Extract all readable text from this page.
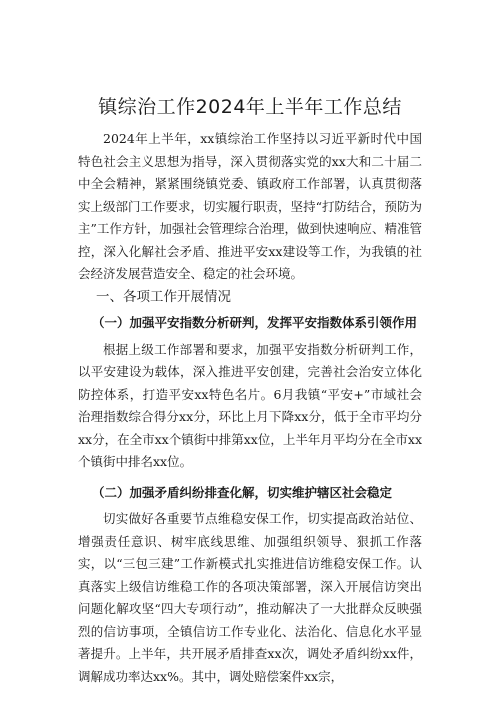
镇综治工作2024年上半年工作总结

2024年上半年，xx镇综治工作坚持以习近平新时代中国特色社会主义思想为指导，深入贯彻落实党的xx大和二十届二中全会精神，紧紧围绕镇党委、镇政府工作部署，认真贯彻落实上级部门工作要求，切实履行职责，坚持“打防结合，预防为主”工作方针，加强社会管理综合治理，做到快速响应、精准管控，深入化解社会矛盾、推进平安xx建设等工作，为我镇的社会经济发展营造安全、稳定的社会环境。

一、各项工作开展情况
（一）加强平安指数分析研判，发挥平安指数体系引领作用

根据上级工作部署和要求，加强平安指数分析研判工作，以平安建设为载体，深入推进平安创建，完善社会治安立体化防控体系，打造平安xx特色名片。6月我镇“平安+”市域社会治理指数综合得分xx分，环比上月下降xx分，低于全市平均分xx分，在全市xx个镇街中排第xx位，上半年月平均分在全市xx个镇街中排名xx位。

（二）加强矛盾纠纷排查化解，切实维护辖区社会稳定

切实做好各重要节点维稳安保工作，切实提高政治站位、增强责任意识、树牢底线思维、加强组织领导、狠抓工作落实，以“三包三建”工作新模式扎实推进信访维稳安保工作。认真落实上级信访维稳工作的各项决策部署，深入开展信访突出问题化解攻坚“四大专项行动”，推动解决了一大批群众反映强烈的信访事项，全镇信访工作专业化、法治化、信息化水平显著提升。上半年，共开展矛盾排查xx次，调处矛盾纠纷xx件，调解成功率达xx%。其中，调处赔偿案件xx宗，
